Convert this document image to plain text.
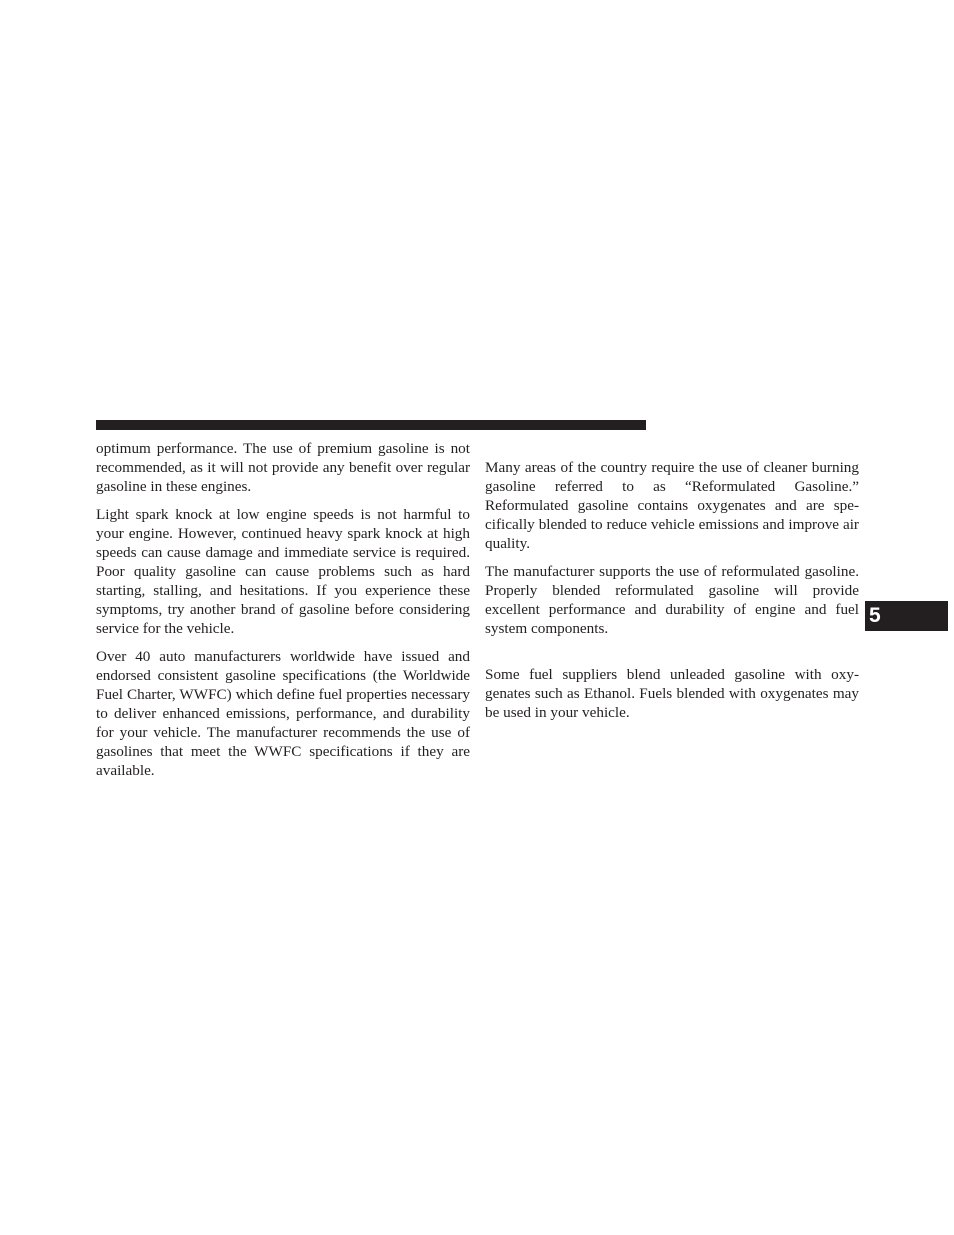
optimum performance. The use of premium gasoline is not recommended, as it will not provide any benefit over regular gasoline in these engines.

Light spark knock at low engine speeds is not harmful to your engine. However, continued heavy spark knock at high speeds can cause damage and immediate service is required. Poor quality gasoline can cause problems such as hard starting, stalling, and hesitations. If you experience these symptoms, try another brand of gasoline before considering service for the vehicle.

Over 40 auto manufacturers worldwide have issued and endorsed consistent gasoline specifications (the Worldwide Fuel Charter, WWFC) which define fuel properties necessary to deliver enhanced emissions, performance, and durability for your vehicle. The manufacturer recommends the use of gasolines that meet the WWFC specifications if they are available.

Many areas of the country require the use of cleaner burning gasoline referred to as “Reformulated Gasoline.” Reformulated gasoline contains oxygenates and are specifically blended to reduce vehicle emissions and improve air quality.

The manufacturer supports the use of reformulated gasoline. Properly blended reformulated gasoline will provide excellent performance and durability of engine and fuel system components.

Some fuel suppliers blend unleaded gasoline with oxygenates such as Ethanol. Fuels blended with oxygenates may be used in your vehicle.

5
